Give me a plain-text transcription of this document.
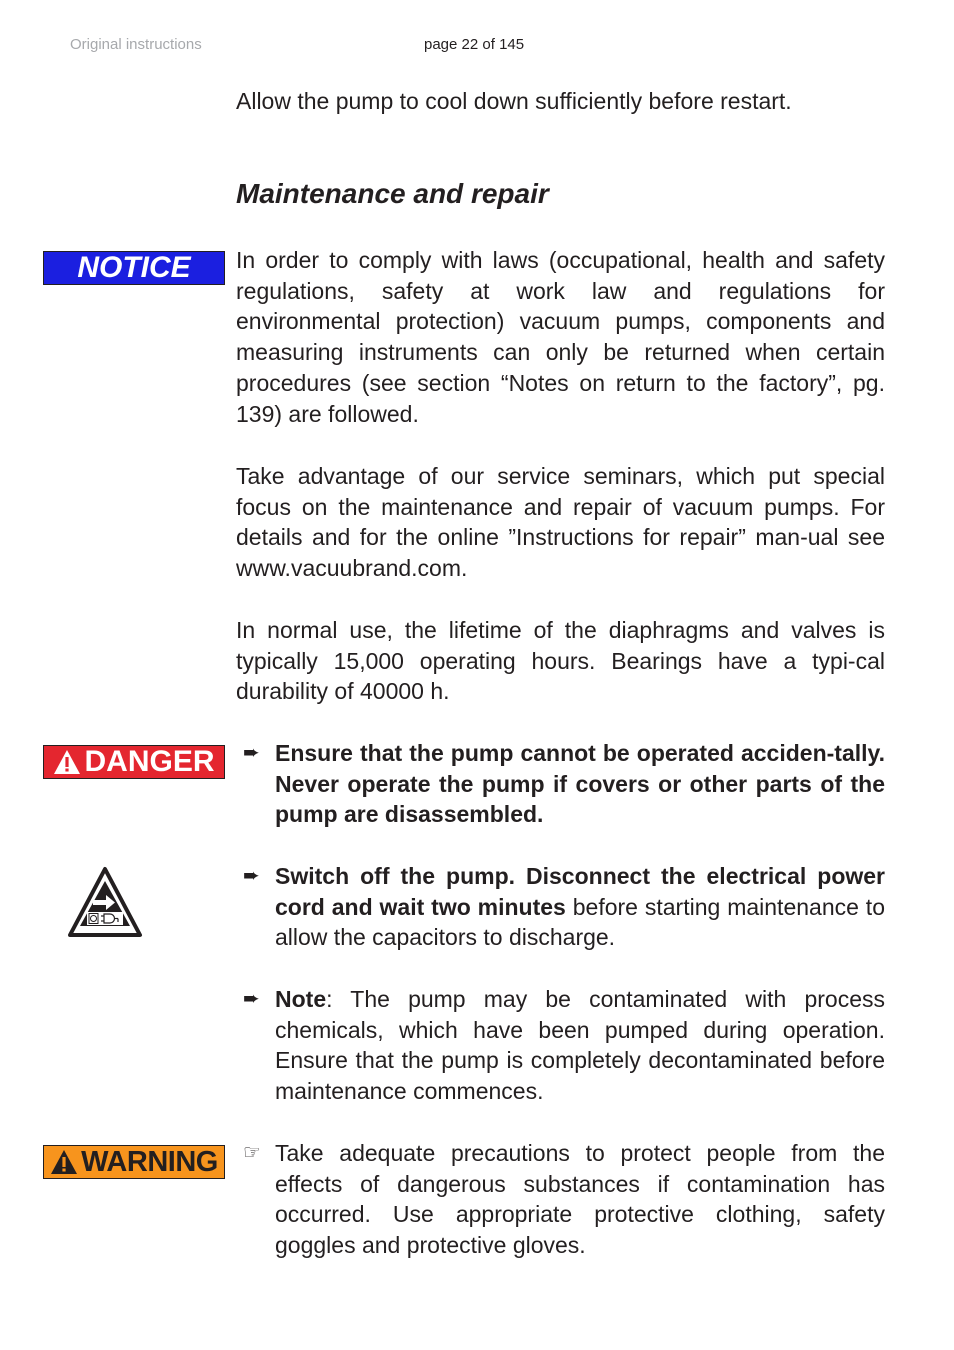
Original instructions	page 22 of 145

Allow the pump to cool down sufficiently before restart.

Maintenance and repair
NOTICE In order to comply with laws (occupational, health and safety regulations, safety at work law and regulations for environmental protection) vacuum pumps, components and measuring instruments can only be returned when certain procedures (see section “Notes on return to the factory”, pg. 139) are followed.

Take advantage of our service seminars, which put special focus on the maintenance and repair of vacuum pumps. For details and for the online ”Instructions for repair” man-ual see www.vacuubrand.com.

In normal use, the lifetime of the diaphragms and valves is typically 15,000 operating hours. Bearings have a typi-cal durability of 40000 h.

DANGER ➨ Ensure that the pump cannot be operated acciden-tally. Never operate the pump if covers or other parts of the pump are disassembled.
➨ Switch off the pump. Disconnect the electrical power cord and wait two minutes before starting maintenance to allow the capacitors to discharge.
➨ Note: The pump may be contaminated with process chemicals, which have been pumped during operation. Ensure that the pump is completely decontaminated before maintenance commences.
WARNING ☞ Take adequate precautions to protect people from the effects of dangerous substances if contamination has occurred. Use appropriate protective clothing, safety goggles and protective gloves.
